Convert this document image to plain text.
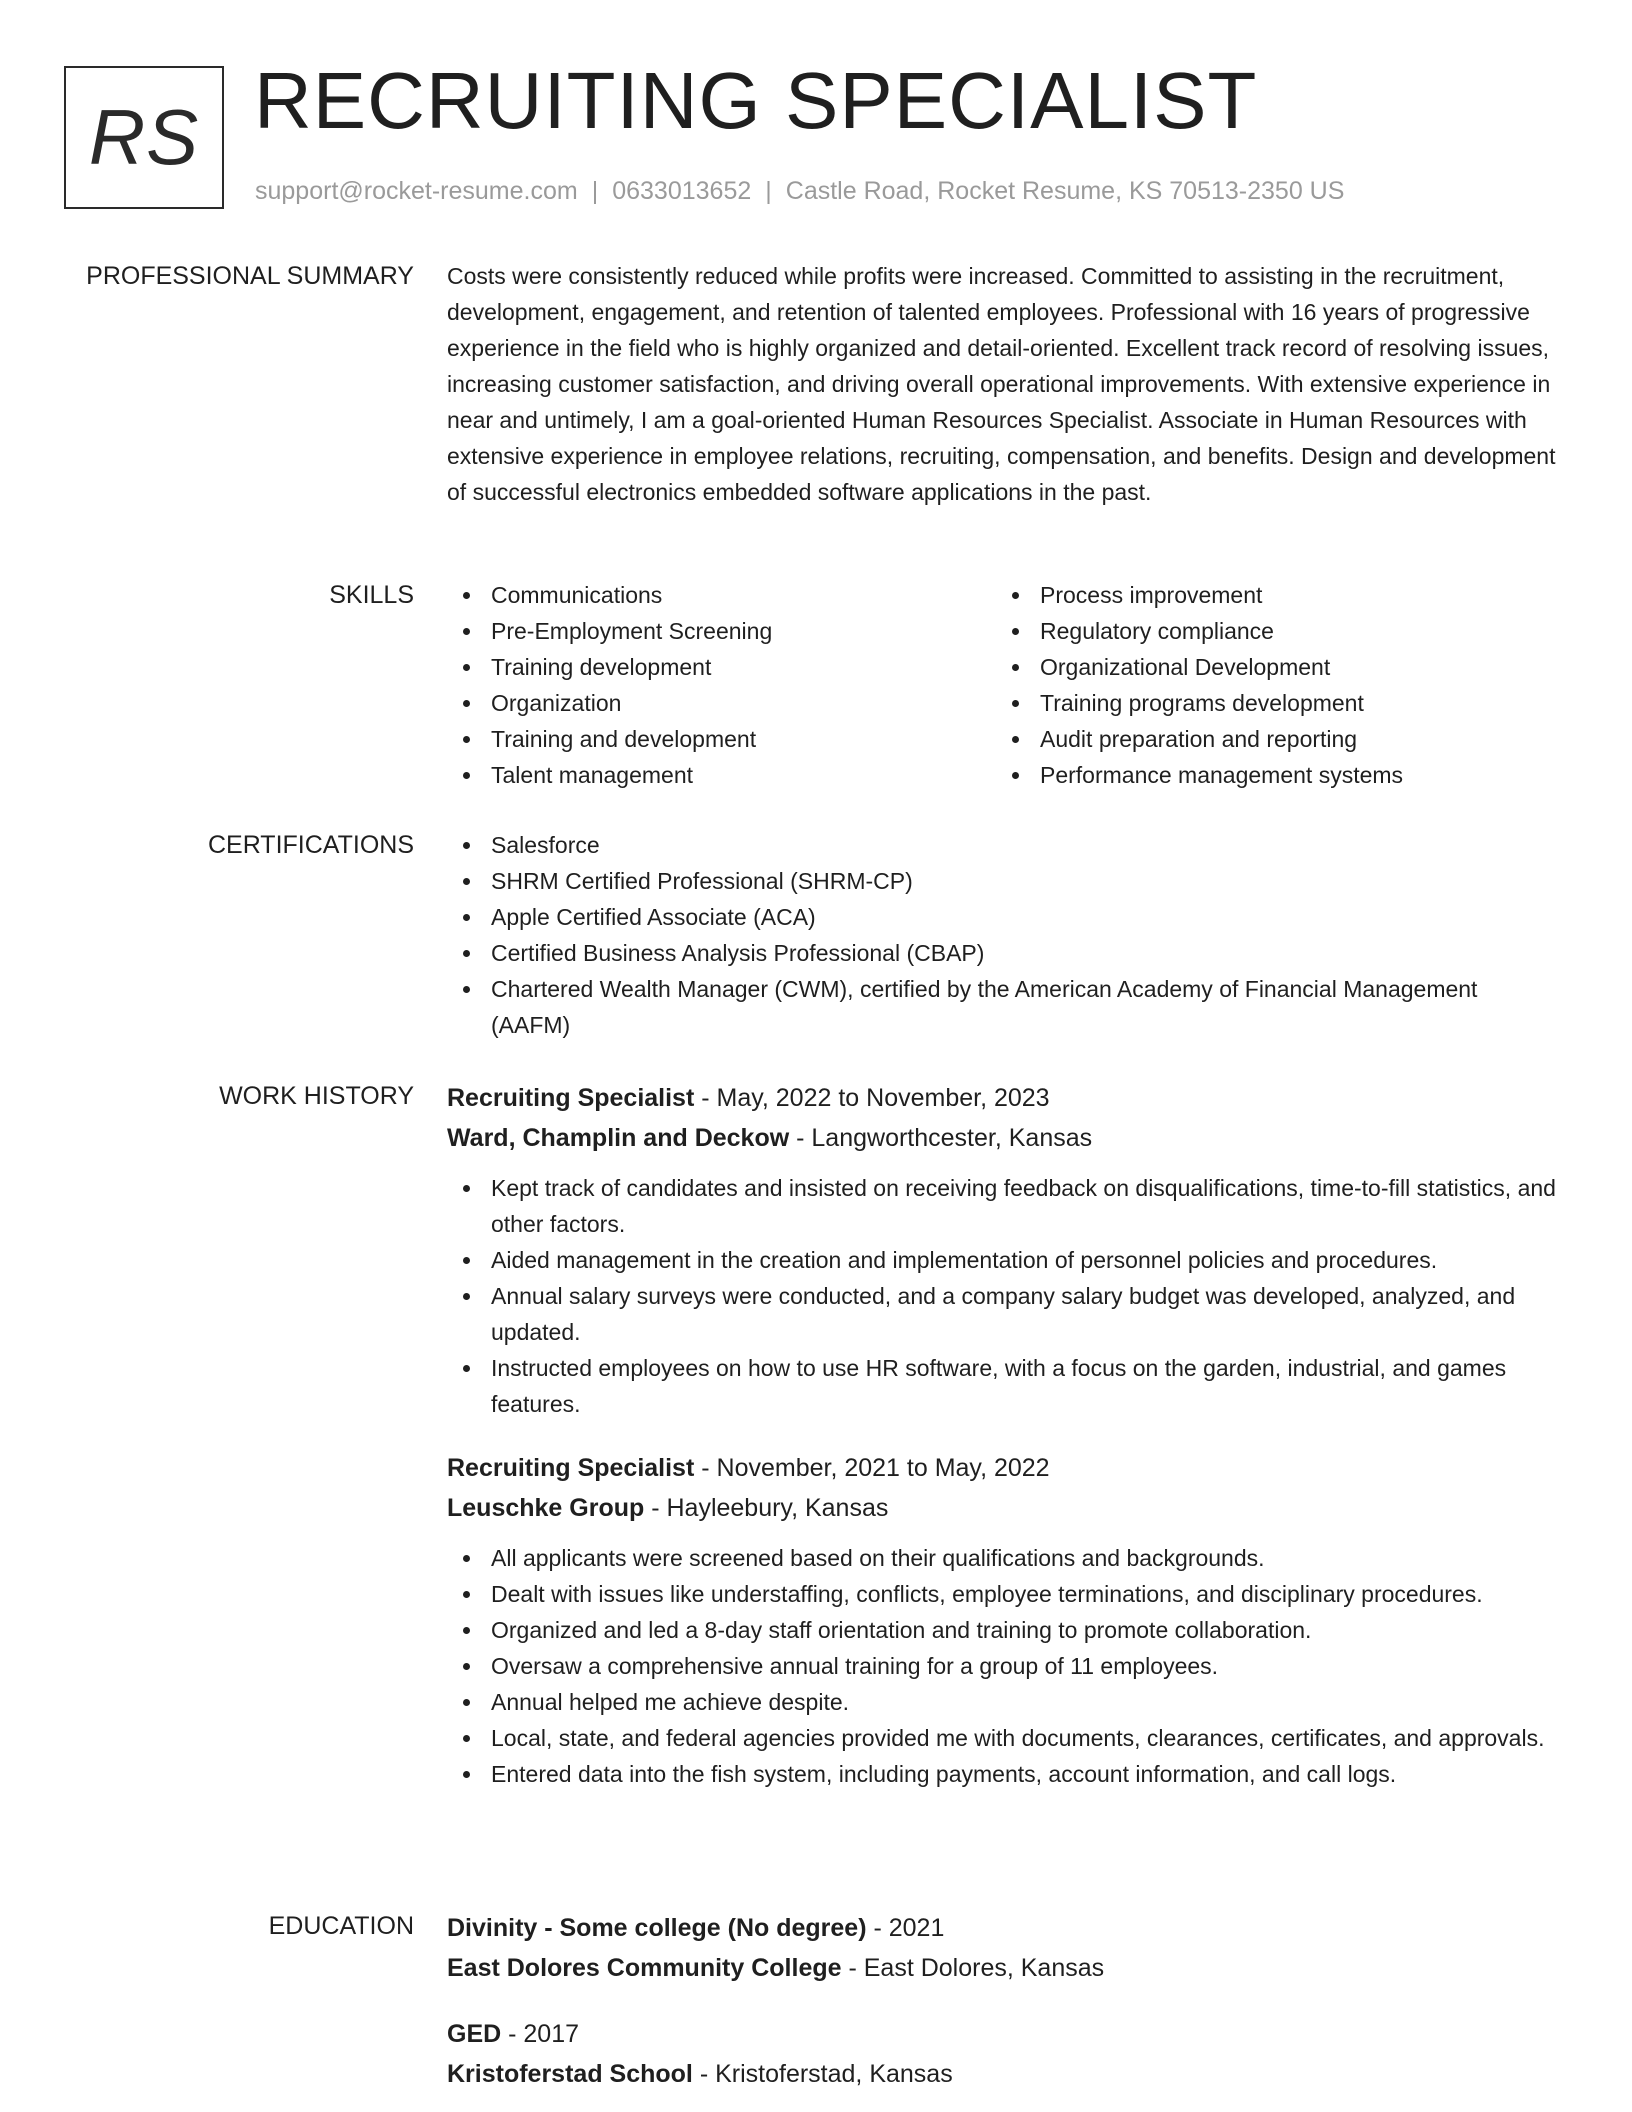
RS RECRUITING SPECIALIST
support@rocket-resume.com | 0633013652 | Castle Road, Rocket Resume, KS 70513-2350 US
PROFESSIONAL SUMMARY Costs were consistently reduced while profits were increased. Committed to assisting in the recruitment, development, engagement, and retention of talented employees. Professional with 16 years of progressive experience in the field who is highly organized and detail-oriented. Excellent track record of resolving issues, increasing customer satisfaction, and driving overall operational improvements. With extensive experience in near and untimely, I am a goal-oriented Human Resources Specialist. Associate in Human Resources with extensive experience in employee relations, recruiting, compensation, and benefits. Design and development of successful electronics embedded software applications in the past.
SKILLS	Communications
Pre-Employment Screening
Training development
Organization
Training and development
Talent management
Process improvement
Regulatory compliance
Organizational Development
Training programs development
Audit preparation and reporting
Performance management systems
CERTIFICATIONS	Salesforce
SHRM Certified Professional (SHRM-CP)
Apple Certified Associate (ACA)
Certified Business Analysis Professional (CBAP)
Chartered Wealth Manager (CWM), certified by the American Academy of Financial Management (AAFM)
WORK HISTORY Recruiting Specialist - May, 2022 to November, 2023
Ward, Champlin and Deckow - Langworthcester, Kansas
Kept track of candidates and insisted on receiving feedback on disqualifications, time-to-fill statistics, and other factors.
Aided management in the creation and implementation of personnel policies and procedures.
Annual salary surveys were conducted, and a company salary budget was developed, analyzed, and updated.
Instructed employees on how to use HR software, with a focus on the garden, industrial, and games features.
Recruiting Specialist - November, 2021 to May, 2022
Leuschke Group - Hayleebury, Kansas
All applicants were screened based on their qualifications and backgrounds.
Dealt with issues like understaffing, conflicts, employee terminations, and disciplinary procedures.
Organized and led a 8-day staff orientation and training to promote collaboration.
Oversaw a comprehensive annual training for a group of 11 employees.
Annual helped me achieve despite.
Local, state, and federal agencies provided me with documents, clearances, certificates, and approvals.
Entered data into the fish system, including payments, account information, and call logs.
EDUCATION Divinity - Some college (No degree) - 2021
East Dolores Community College - East Dolores, Kansas
GED - 2017
Kristoferstad School - Kristoferstad, Kansas
